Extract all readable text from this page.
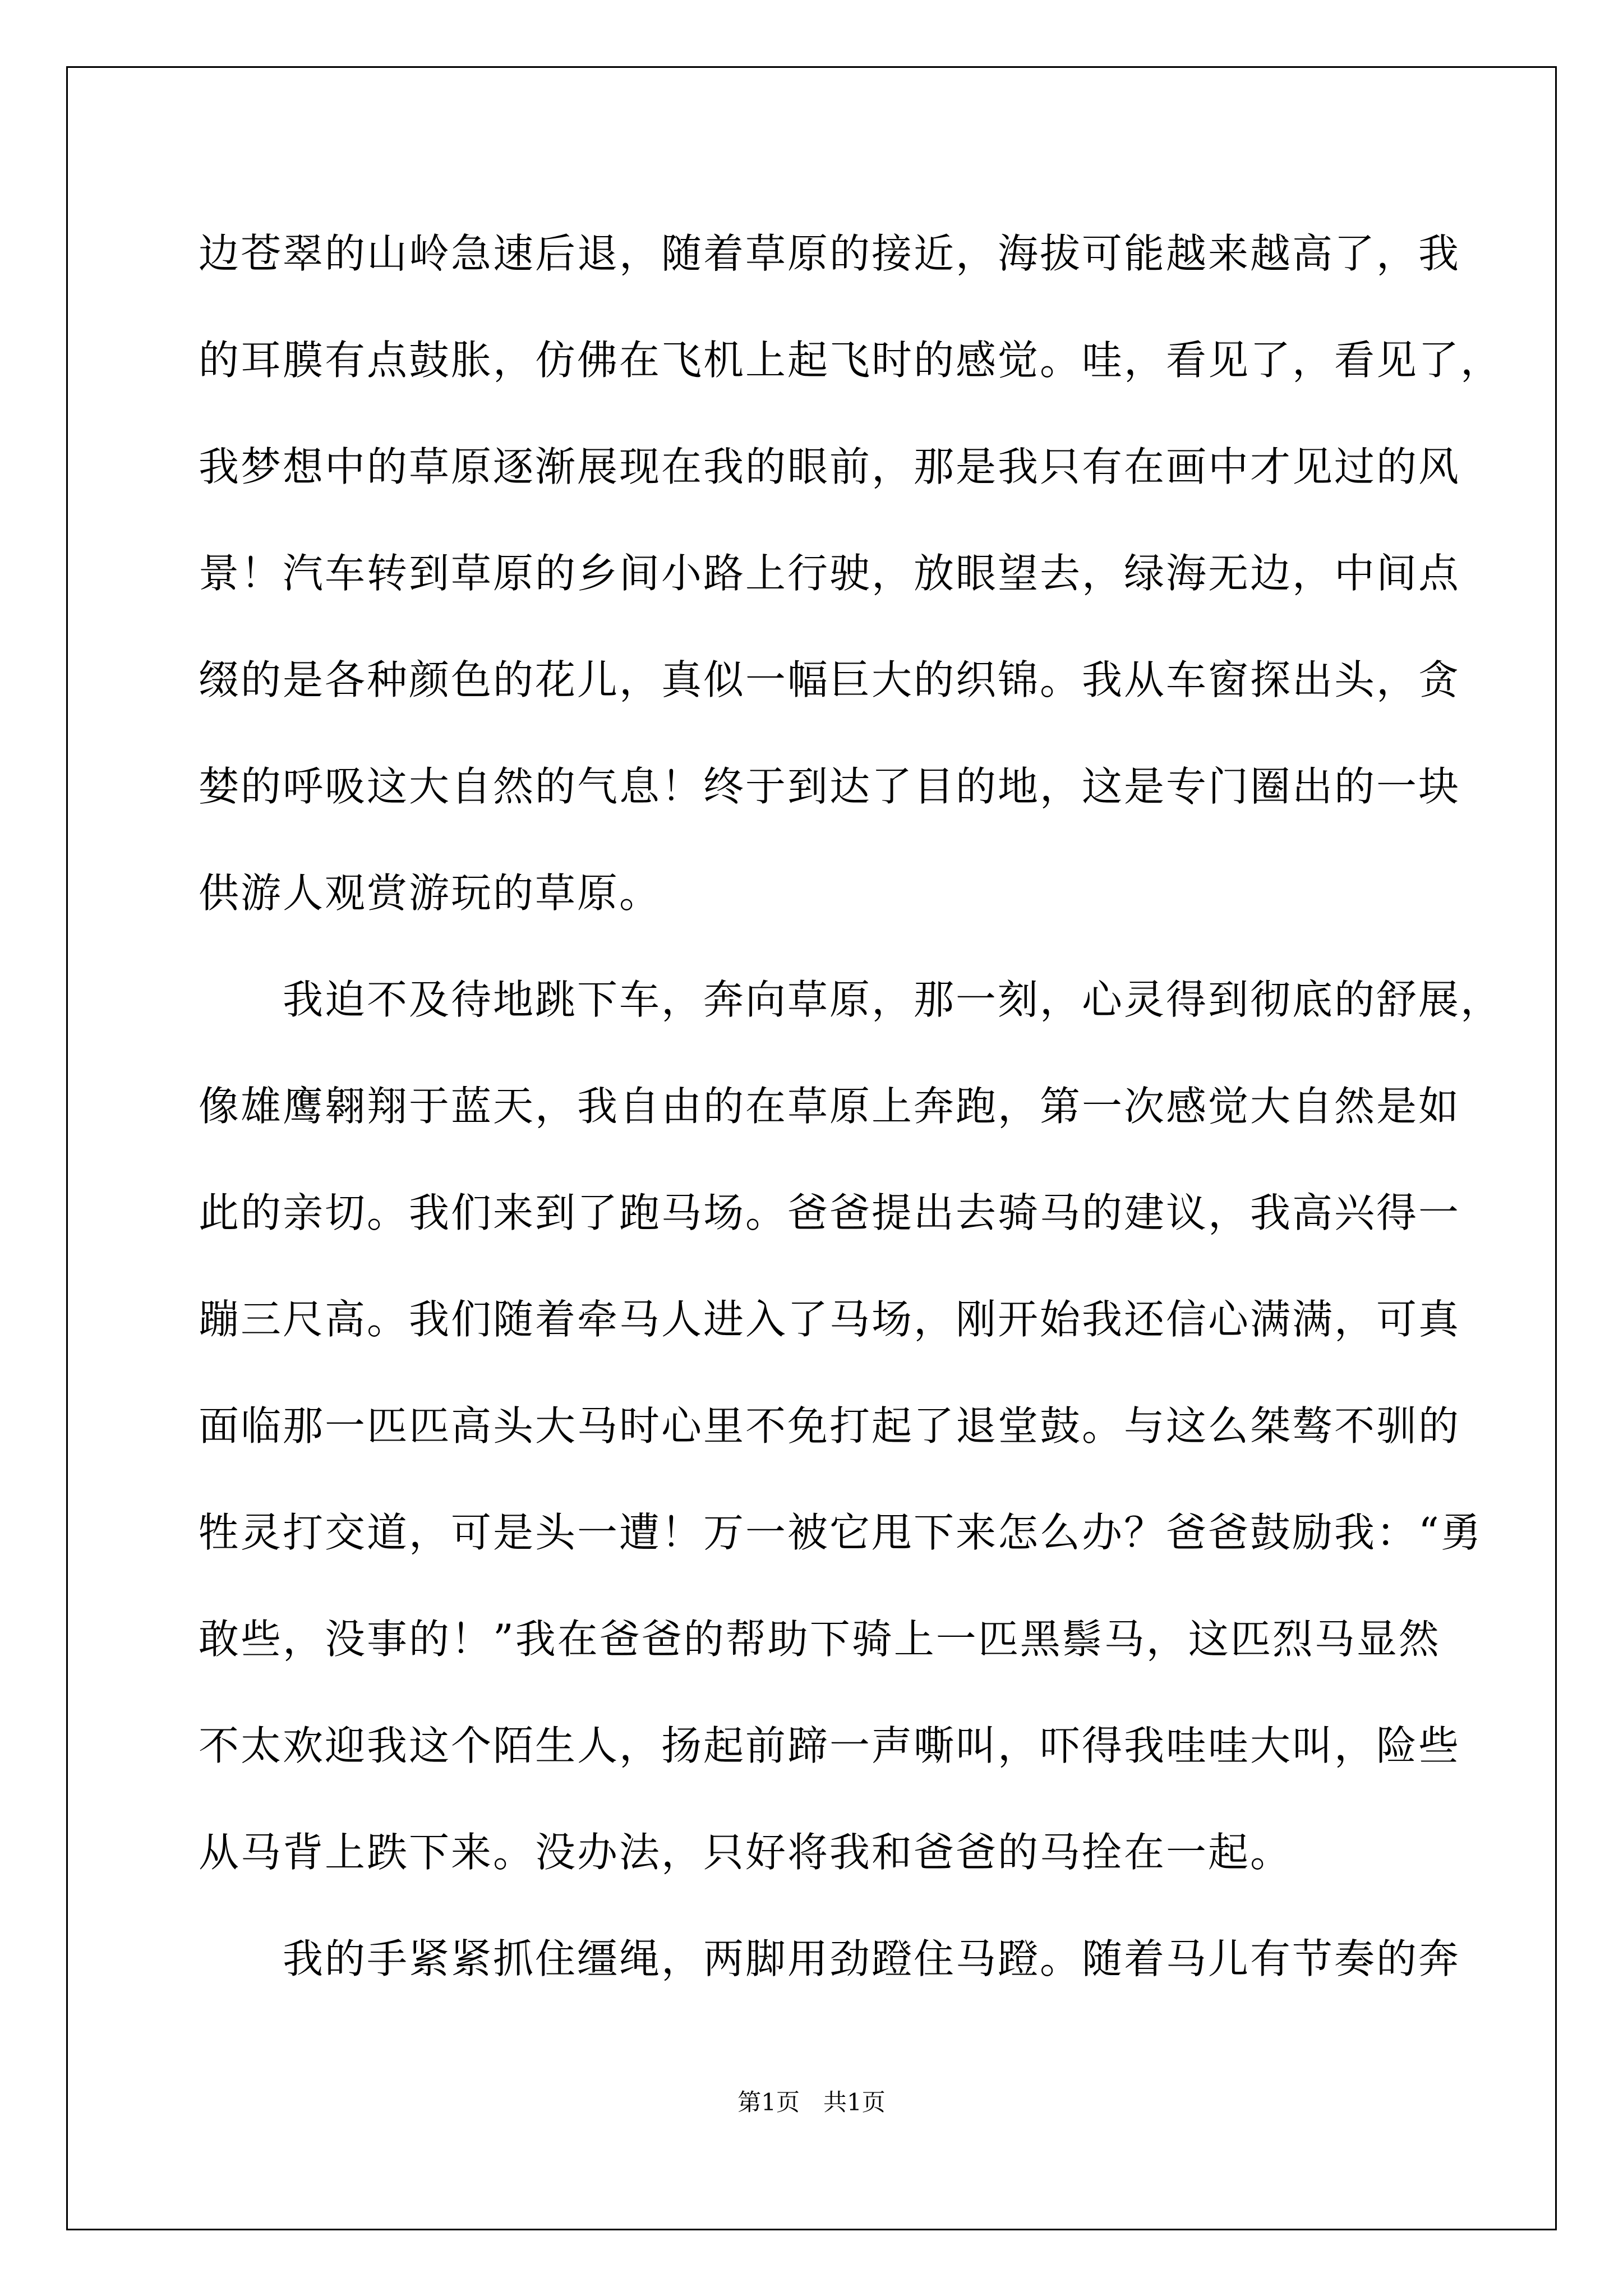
边苍翠的山岭急速后退，随着草原的接近，海拔可能越来越高了，我
的耳膜有点鼓胀，仿佛在飞机上起飞时的感觉。哇，看见了，看见了，
我梦想中的草原逐渐展现在我的眼前，那是我只有在画中才见过的风
景！汽车转到草原的乡间小路上行驶，放眼望去，绿海无边，中间点
缀的是各种颜色的花儿，真似一幅巨大的织锦。我从车窗探出头，贪
婪的呼吸这大自然的气息！终于到达了目的地，这是专门圈出的一块
供游人观赏游玩的草原。
我迫不及待地跳下车，奔向草原，那一刻，心灵得到彻底的舒展，
像雄鹰翱翔于蓝天，我自由的在草原上奔跑，第一次感觉大自然是如
此的亲切。我们来到了跑马场。爸爸提出去骑马的建议，我高兴得一
蹦三尺高。我们随着牵马人进入了马场，刚开始我还信心满满，可真
面临那一匹匹高头大马时心里不免打起了退堂鼓。与这么桀骜不驯的
牲灵打交道，可是头一遭！万一被它甩下来怎么办？爸爸鼓励我：“勇
敢些，没事的！”我在爸爸的帮助下骑上一匹黑鬃马，这匹烈马显然
不太欢迎我这个陌生人，扬起前蹄一声嘶叫，吓得我哇哇大叫，险些
从马背上跌下来。没办法，只好将我和爸爸的马拴在一起。
我的手紧紧抓住缰绳，两脚用劲蹬住马蹬。随着马儿有节奏的奔
第1页　共1页
